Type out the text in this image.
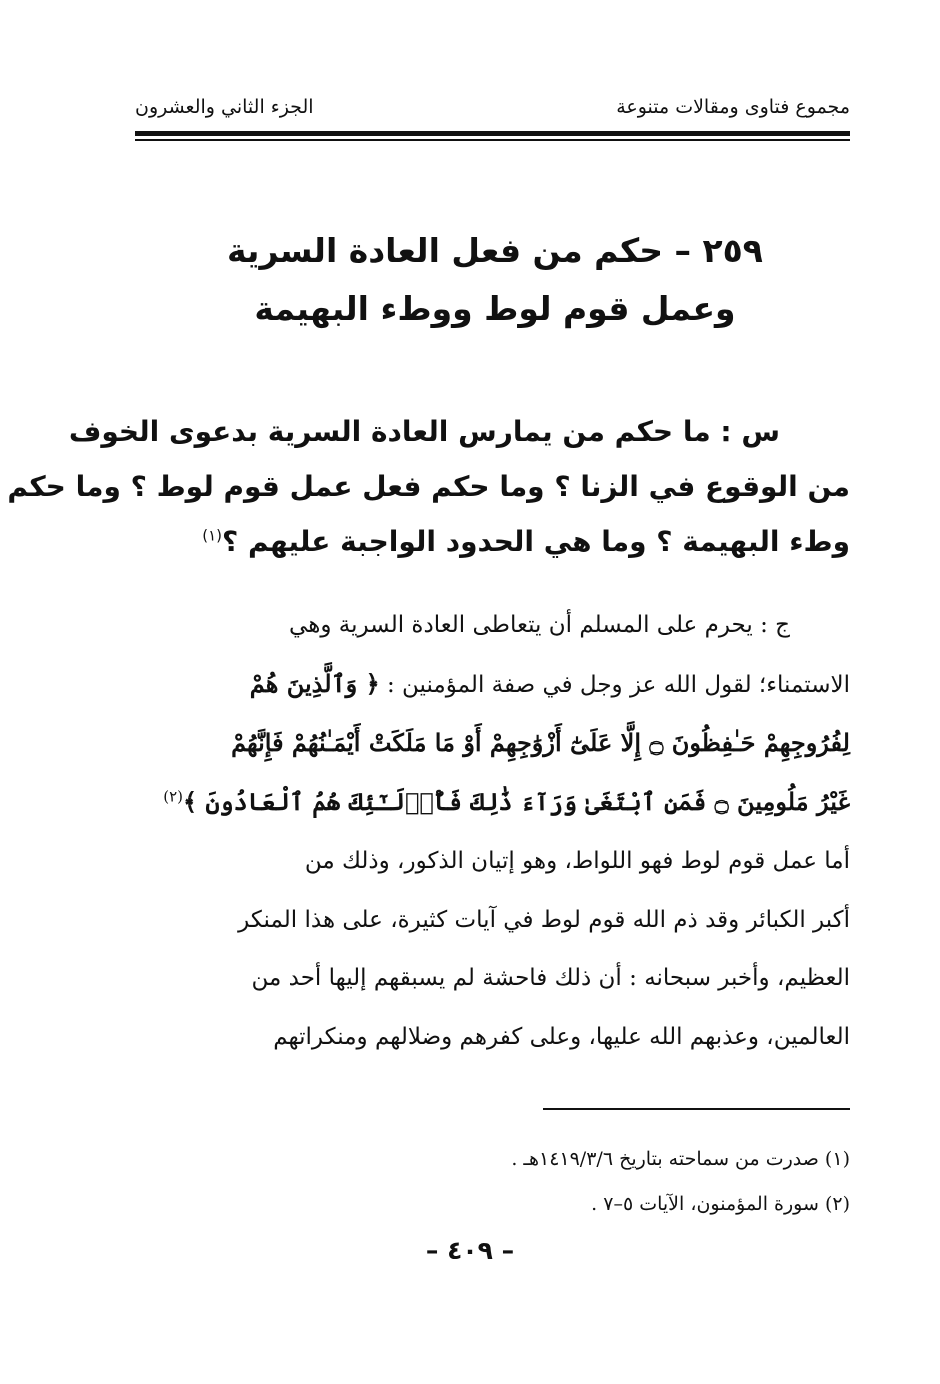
مجموع فتاوى ومقالات متنوعة
الجزء الثاني والعشرون
٢٥٩ – حكم من فعل العادة السرية
وعمل قوم لوط ووطء البهيمة
س : ما حكم من يمارس العادة السرية بدعوى الخوف
من الوقوع في الزنا ؟ وما حكم فعل عمل قوم لوط ؟ وما حكم
وطء البهيمة ؟ وما هي الحدود الواجبة عليهم ؟$^{(١)}$
ج : يحرم على المسلم أن يتعاطى العادة السرية وهي
الاستمناء؛ لقول الله عز وجل في صفة المؤمنين : ﴿ وَٱلَّذِينَ هُمْ
لِفُرُوجِهِمْ حَـٰفِظُونَ ۝ إِلَّا عَلَىٰٓ أَزْوَٰجِهِمْ أَوْ مَا مَلَكَتْ أَيْمَـٰنُهُمْ فَإِنَّهُمْ
غَيْرُ مَلُومِينَ ۝ فَمَنِ ٱبْتَغَىٰ وَرَآءَ ذَٰلِكَ فَأُو۟لَـٰٓئِكَ هُمُ ٱلْعَادُونَ ﴾$^{(٢)}$
أما عمل قوم لوط فهو اللواط، وهو إتيان الذكور، وذلك من
أكبر الكبائر وقد ذم الله قوم لوط في آيات كثيرة، على هذا المنكر
العظيم، وأخبر سبحانه : أن ذلك فاحشة لم يسبقهم إليها أحد من
العالمين، وعذبهم الله عليها، وعلى كفرهم وضلالهم ومنكراتهم
(١) صدرت من سماحته بتاريخ ١٤١٩/٣/٦هـ .
(٢) سورة المؤمنون، الآيات ٥–٧ .
– ٤٠٩ –
